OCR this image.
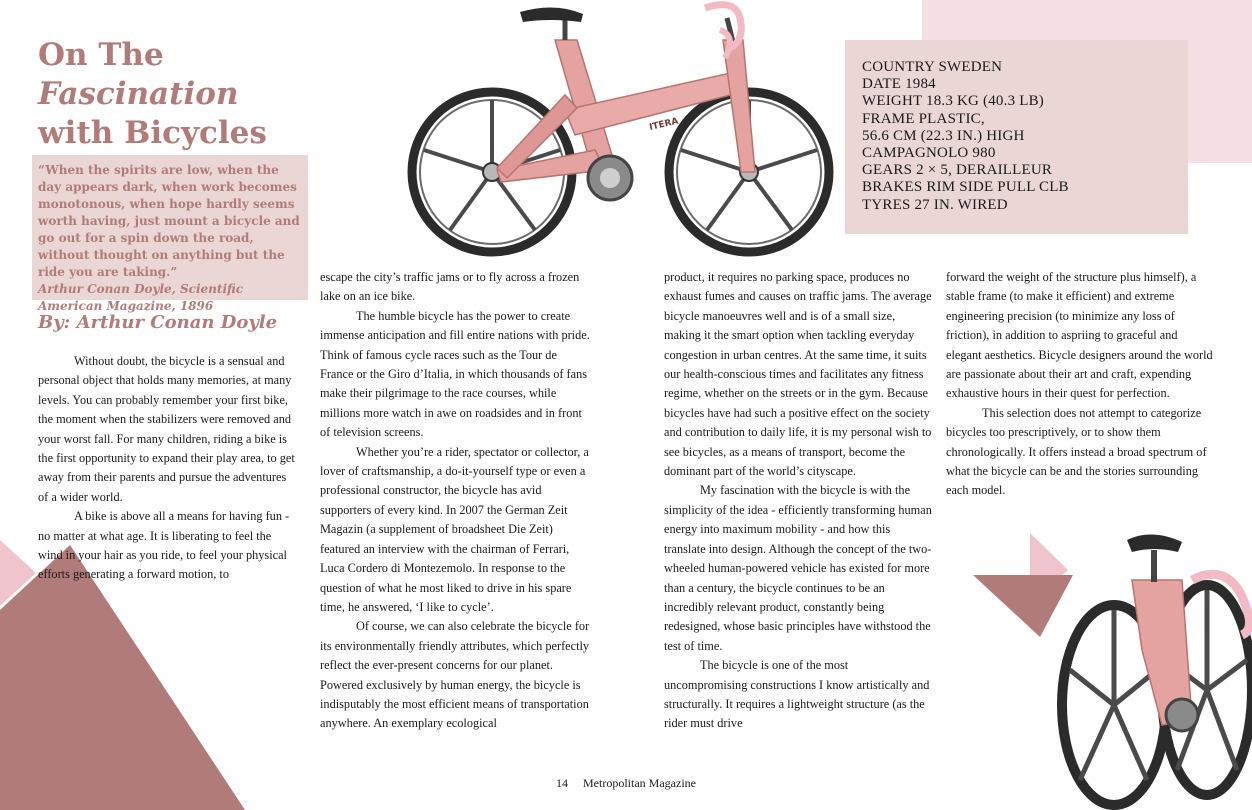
ITERA
On The
Fascination
with Bicycles

“When the spirits are low, when the day appears dark, when work becomes monotonous, when hope hardly seems worth having, just mount a bicycle and go out for a spin down the road, without thought on anything but the ride you are taking.”
Arthur Conan Doyle, Scientific American Magazine, 1896

By: Arthur Conan Doyle
COUNTRY SWEDEN
DATE 1984
WEIGHT 18.3 KG (40.3 LB)
FRAME PLASTIC,
56.6 CM (22.3 IN.) HIGH
CAMPAGNOLO 980
GEARS 2 × 5, DERAILLEUR
BRAKES RIM SIDE PULL CLB
TYRES 27 IN. WIRED

Without doubt, the bicycle is a sensual and personal object that holds many memories, at many levels. You can probably remember your first bike, the moment when the stabilizers were removed and your worst fall. For many children, riding a bike is the first opportunity to expand their play area, to get away from their parents and pursue the adventures of a wider world.

A bike is above all a means for having fun - no matter at what age. It is liberating to feel the wind in your hair as you ride, to feel your physical efforts generating a forward motion, to

escape the city’s traffic jams or to fly across a frozen lake on an ice bike.

The humble bicycle has the power to create immense anticipation and fill entire nations with pride. Think of famous cycle races such as the Tour de France or the Giro d’Italia, in which thousands of fans make their pilgrimage to the race courses, while millions more watch in awe on roadsides and in front of television screens.

Whether you’re a rider, spectator or collector, a lover of craftsmanship, a do-it-yourself type or even a professional constructor, the bicycle has avid supporters of every kind. In 2007 the German Zeit Magazin (a supplement of broadsheet Die Zeit) featured an interview with the chairman of Ferrari, Luca Cordero di Montezemolo. In response to the question of what he most liked to drive in his spare time, he answered, ‘I like to cycle’.

Of course, we can also celebrate the bicycle for its environmentally friendly attributes, which perfectly reflect the ever-present concerns for our planet. Powered exclusively by human energy, the bicycle is indisputably the most efficient means of transportation anywhere. An exemplary ecological

product, it requires no parking space, produces no exhaust fumes and causes on traffic jams. The average bicycle manoeuvres well and is of a small size, making it the smart option when tackling everyday congestion in urban centres. At the same time, it suits our health-conscious times and facilitates any fitness regime, whether on the streets or in the gym. Because bicycles have had such a positive effect on the society and contribution to daily life, it is my personal wish to see bicycles, as a means of transport, become the dominant part of the world’s cityscape.

My fascination with the bicycle is with the simplicity of the idea - efficiently transforming human energy into maximum mobility - and how this translate into design. Although the concept of the two-wheeled human-powered vehicle has existed for more than a century, the bicycle continues to be an incredibly relevant product, constantly being redesigned, whose basic principles have withstood the test of time.

The bicycle is one of the most uncompromising constructions I know artistically and structurally. It requires a lightweight structure (as the rider must drive

forward the weight of the structure plus himself), a stable frame (to make it efficient) and extreme engineering precision (to minimize any loss of friction), in addition to aspriing to graceful and elegant aesthetics. Bicycle designers around the world are passionate about their art and craft, expending exhaustive hours in their quest for perfection.

This selection does not attempt to categorize bicycles too prescriptively, or to show them chronologically. It offers instead a broad spectrum of what the bicycle can be and the stories surrounding each model.

14 Metropolitan Magazine
